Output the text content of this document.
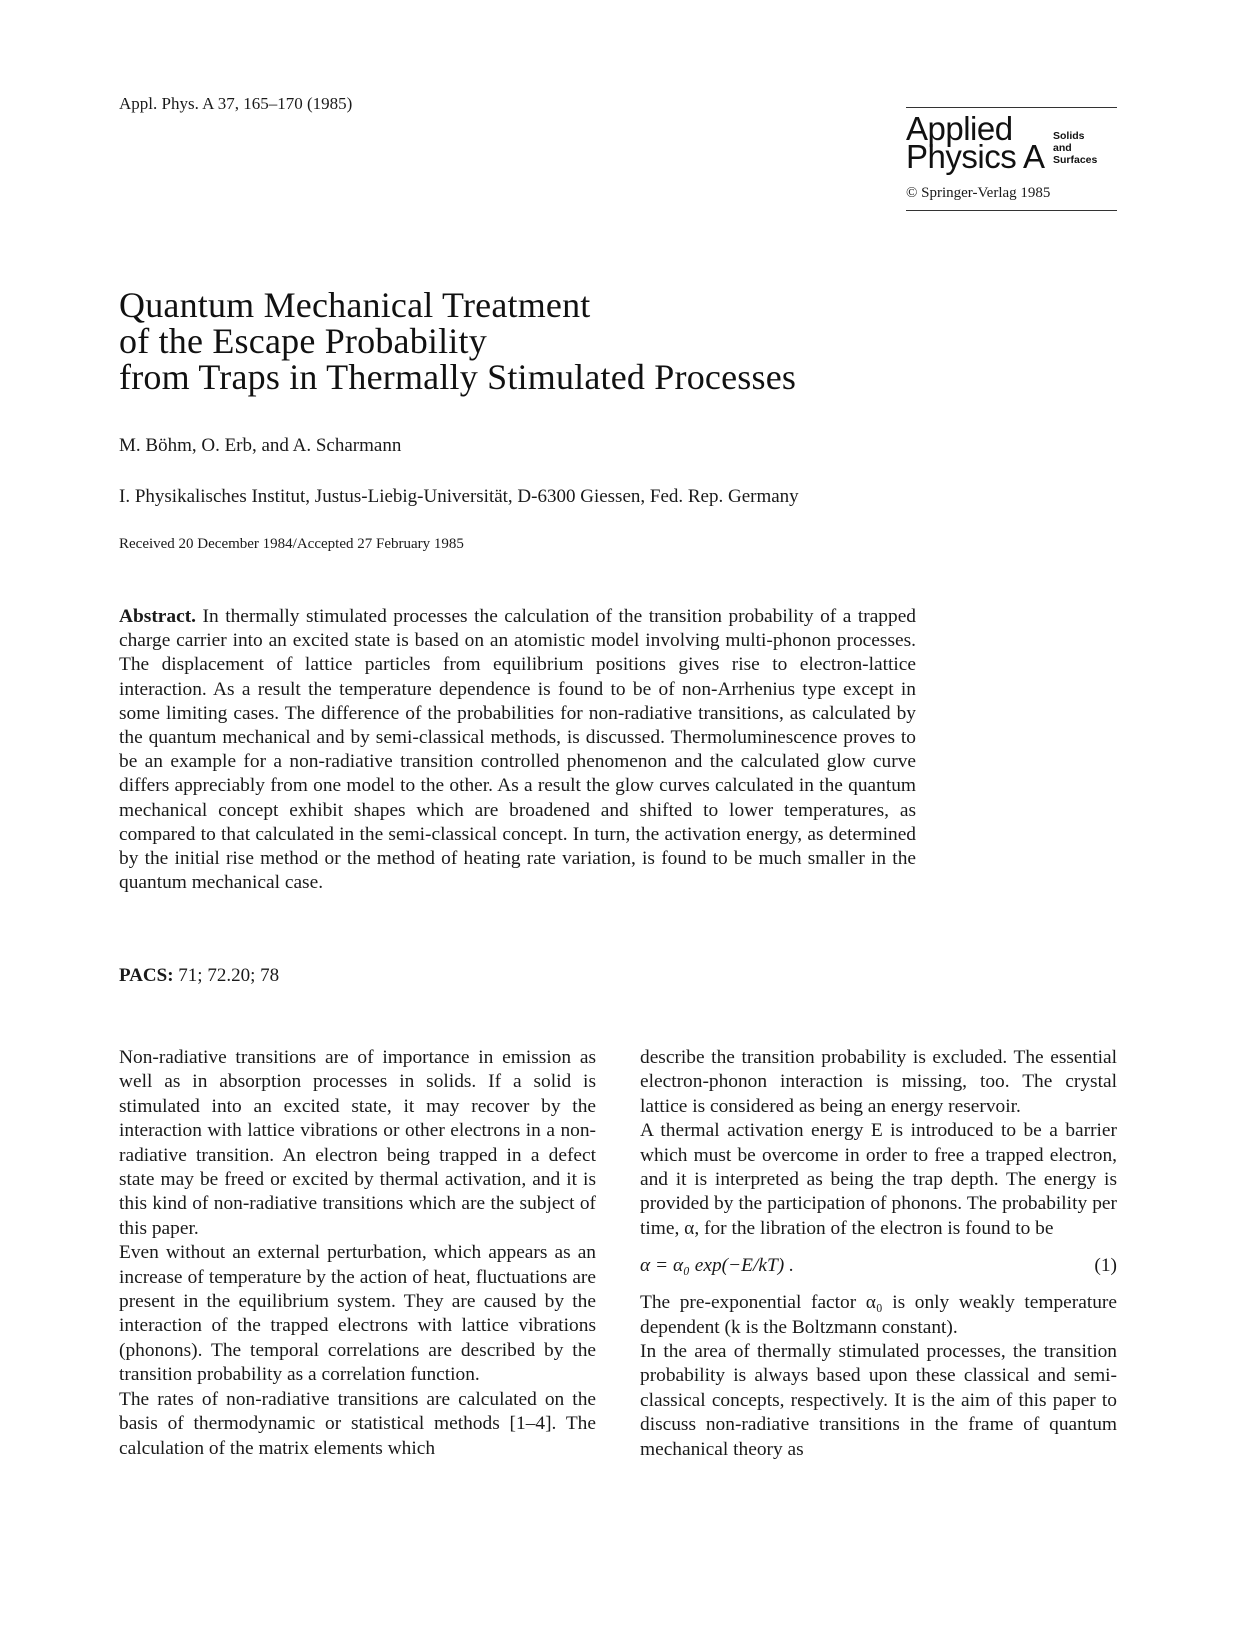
Appl. Phys. A 37, 165–170 (1985)
Applied
Physics A
Solids
and
Surfaces
© Springer-Verlag 1985
Quantum Mechanical Treatment
of the Escape Probability
from Traps in Thermally Stimulated Processes
M. Böhm, O. Erb, and A. Scharmann
I. Physikalisches Institut, Justus-Liebig-Universität, D-6300 Giessen, Fed. Rep. Germany
Received 20 December 1984/Accepted 27 February 1985
Abstract. In thermally stimulated processes the calculation of the transition probability of a trapped charge carrier into an excited state is based on an atomistic model involving multi-phonon processes. The displacement of lattice particles from equilibrium positions gives rise to electron-lattice interaction. As a result the temperature dependence is found to be of non-Arrhenius type except in some limiting cases. The difference of the probabilities for non-radiative transitions, as calculated by the quantum mechanical and by semi-classical methods, is discussed. Thermoluminescence proves to be an example for a non-radiative transition controlled phenomenon and the calculated glow curve differs appreciably from one model to the other. As a result the glow curves calculated in the quantum mechanical concept exhibit shapes which are broadened and shifted to lower temperatures, as compared to that calculated in the semi-classical concept. In turn, the activation energy, as determined by the initial rise method or the method of heating rate variation, is found to be much smaller in the quantum mechanical case.
PACS: 71; 72.20; 78

Non-radiative transitions are of importance in emission as well as in absorption processes in solids. If a solid is stimulated into an excited state, it may recover by the interaction with lattice vibrations or other electrons in a non-radiative transition. An electron being trapped in a defect state may be freed or excited by thermal activation, and it is this kind of non-radiative transitions which are the subject of this paper.

Even without an external perturbation, which appears as an increase of temperature by the action of heat, fluctuations are present in the equilibrium system. They are caused by the interaction of the trapped electrons with lattice vibrations (phonons). The temporal correlations are described by the transition probability as a correlation function.

The rates of non-radiative transitions are calculated on the basis of thermodynamic or statistical methods [1–4]. The calculation of the matrix elements which

describe the transition probability is excluded. The essential electron-phonon interaction is missing, too. The crystal lattice is considered as being an energy reservoir.

A thermal activation energy E is introduced to be a barrier which must be overcome in order to free a trapped electron, and it is interpreted as being the trap depth. The energy is provided by the participation of phonons. The probability per time, α, for the libration of the electron is found to be

α = α₀ exp(−E/kT) .	(1)

The pre-exponential factor α₀ is only weakly temperature dependent (k is the Boltzmann constant).

In the area of thermally stimulated processes, the transition probability is always based upon these classical and semi-classical concepts, respectively. It is the aim of this paper to discuss non-radiative transitions in the frame of quantum mechanical theory as
